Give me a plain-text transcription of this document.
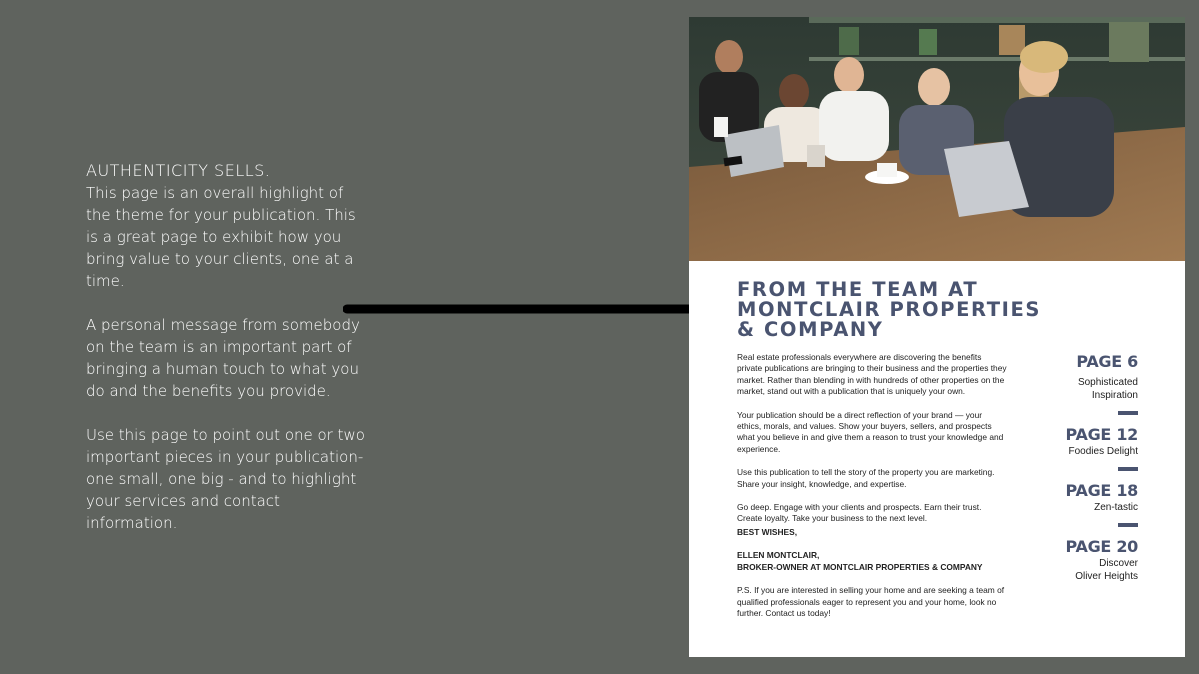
AUTHENTICITY SELLS.

This page is an overall highlight of the theme for your publication. This is a great page to exhibit how you bring value to your clients, one at a time.

A personal message from somebody on the team is an important part of bringing a human touch to what you do and the benefits you provide.

Use this page to point out one or two important pieces in your publication- one small, one big - and to highlight your services and contact information.

FROM THE TEAM AT MONTCLAIR PROPERTIES & COMPANY

Real estate professionals everywhere are discovering the benefits private publications are bringing to their business and the properties they market. Rather than blending in with hundreds of other properties on the market, stand out with a publication that is uniquely your own.

Your publication should be a direct reflection of your brand — your ethics, morals, and values. Show your buyers, sellers, and prospects what you believe in and give them a reason to trust your knowledge and experience.

Use this publication to tell the story of the property you are marketing. Share your insight, knowledge, and expertise.

Go deep. Engage with your clients and prospects. Earn their trust. Create loyalty. Take your business to the next level.

BEST WISHES,

ELLEN MONTCLAIR,

BROKER-OWNER AT MONTCLAIR PROPERTIES & COMPANY

P.S. If you are interested in selling your home and are seeking a team of qualified professionals eager to represent you and your home, look no further. Contact us today!

PAGE 6
Sophisticated
Inspiration
PAGE 12
Foodies Delight
PAGE 18
Zen-tastic
PAGE 20
Discover
Oliver Heights
